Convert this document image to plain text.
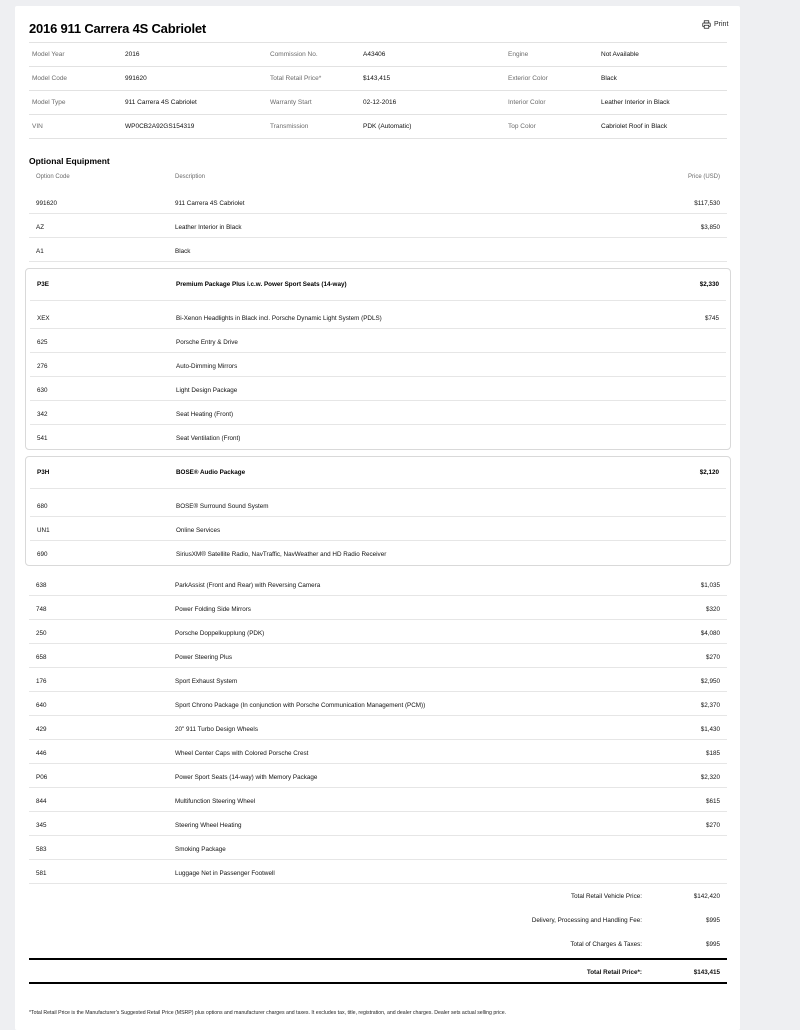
2016 911 Carrera 4S Cabriolet	Print
Model Year	2016	Commission No.	A43406	Engine	Not Available
Model Code	991620	Total Retail Price*	$143,415	Exterior Color	Black
Model Type	911 Carrera 4S Cabriolet	Warranty Start	02-12-2016	Interior Color	Leather Interior in Black
VIN	WP0CB2A92GS154319	Transmission	PDK (Automatic)	Top Color	Cabriolet Roof in Black
Optional Equipment
Option Code	Description	Price (USD)
991620	911 Carrera 4S Cabriolet	$117,530
AZ	Leather Interior in Black	$3,850
A1	Black
P3E	Premium Package Plus i.c.w. Power Sport Seats (14-way)	$2,330
XEX	Bi-Xenon Headlights in Black incl. Porsche Dynamic Light System (PDLS)	$745
625	Porsche Entry & Drive
276	Auto-Dimming Mirrors
630	Light Design Package
342	Seat Heating (Front)
541	Seat Ventilation (Front)
P3H	BOSE® Audio Package	$2,120
680	BOSE® Surround Sound System
UN1	Online Services
690	SiriusXM® Satellite Radio, NavTraffic, NavWeather and HD Radio Receiver
638	ParkAssist (Front and Rear) with Reversing Camera	$1,035
748	Power Folding Side Mirrors	$320
250	Porsche Doppelkupplung (PDK)	$4,080
658	Power Steering Plus	$270
176	Sport Exhaust System	$2,950
640	Sport Chrono Package (In conjunction with Porsche Communication Management (PCM))	$2,370
429	20" 911 Turbo Design Wheels	$1,430
446	Wheel Center Caps with Colored Porsche Crest	$185
P06	Power Sport Seats (14-way) with Memory Package	$2,320
844	Multifunction Steering Wheel	$615
345	Steering Wheel Heating	$270
583	Smoking Package
581	Luggage Net in Passenger Footwell
Total Retail Vehicle Price:	$142,420
Delivery, Processing and Handling Fee:	$995
Total of Charges & Taxes:	$995
Total Retail Price*:	$143,415
*Total Retail Price is the Manufacturer's Suggested Retail Price (MSRP) plus options and manufacturer charges and taxes. It excludes tax, title, registration, and dealer charges. Dealer sets actual selling price.
